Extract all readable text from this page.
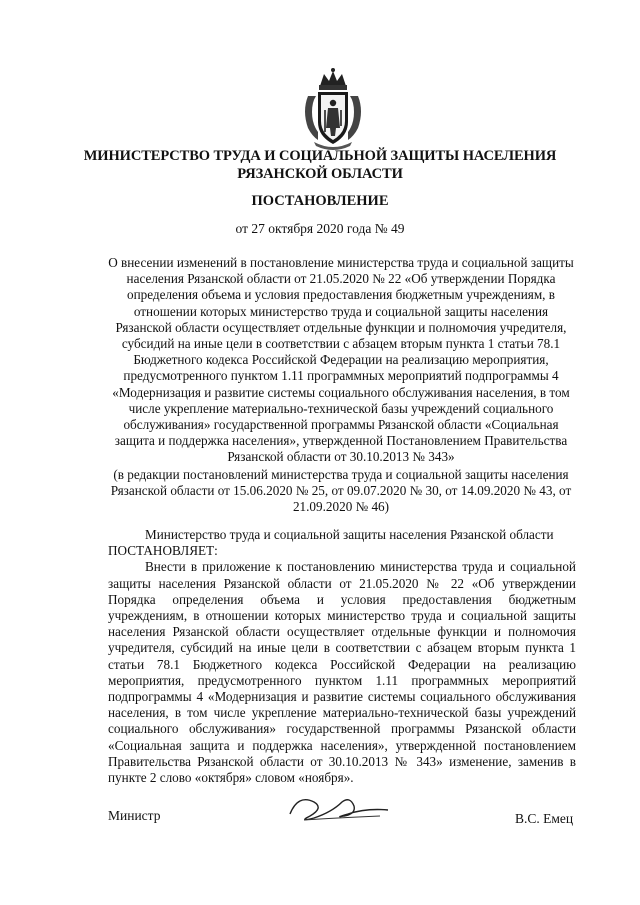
МИНИСТЕРСТВО ТРУДА И СОЦИАЛЬНОЙ ЗАЩИТЫ НАСЕЛЕНИЯ
РЯЗАНСКОЙ ОБЛАСТИ
ПОСТАНОВЛЕНИЕ
от 27 октября 2020 года № 49
О внесении изменений в постановление министерства труда и социальной защиты населения Рязанской области от 21.05.2020 № 22 «Об утверждении Порядка определения объема и условия предоставления бюджетным учреждениям, в отношении которых министерство труда и социальной защиты населения Рязанской области осуществляет отдельные функции и полномочия учредителя, субсидий на иные цели в соответствии с абзацем вторым пункта 1 статьи 78.1 Бюджетного кодекса Российской Федерации на реализацию мероприятия, предусмотренного пунктом 1.11 программных мероприятий подпрограммы 4 «Модернизация и развитие системы социального обслуживания населения, в том числе укрепление материально-технической базы учреждений социального обслуживания» государственной программы Рязанской области «Социальная защита и поддержка населения», утвержденной Постановлением Правительства Рязанской области от 30.10.2013 № 343»
(в редакции постановлений министерства труда и социальной защиты населения Рязанской области от 15.06.2020 № 25, от 09.07.2020 № 30, от 14.09.2020 № 43, от 21.09.2020 № 46)

Министерство труда и социальной защиты населения Рязанской области

ПОСТАНОВЛЯЕТ:

Внести в приложение к постановлению министерства труда и социальной защиты населения Рязанской области от 21.05.2020 № 22 «Об утверждении Порядка определения объема и условия предоставления бюджетным учреждениям, в отношении которых министерство труда и социальной защиты населения Рязанской области осуществляет отдельные функции и полномочия учредителя, субсидий на иные цели в соответствии с абзацем вторым пункта 1 статьи 78.1 Бюджетного кодекса Российской Федерации на реализацию мероприятия, предусмотренного пунктом 1.11 программных мероприятий подпрограммы 4 «Модернизация и развитие системы социального обслуживания населения, в том числе укрепление материально-технической базы учреждений социального обслуживания» государственной программы Рязанской области «Социальная защита и поддержка населения», утвержденной постановлением Правительства Рязанской области от 30.10.2013 № 343» изменение, заменив в пункте 2 слово «октября» словом «ноября».

Министр	В.С. Емец
